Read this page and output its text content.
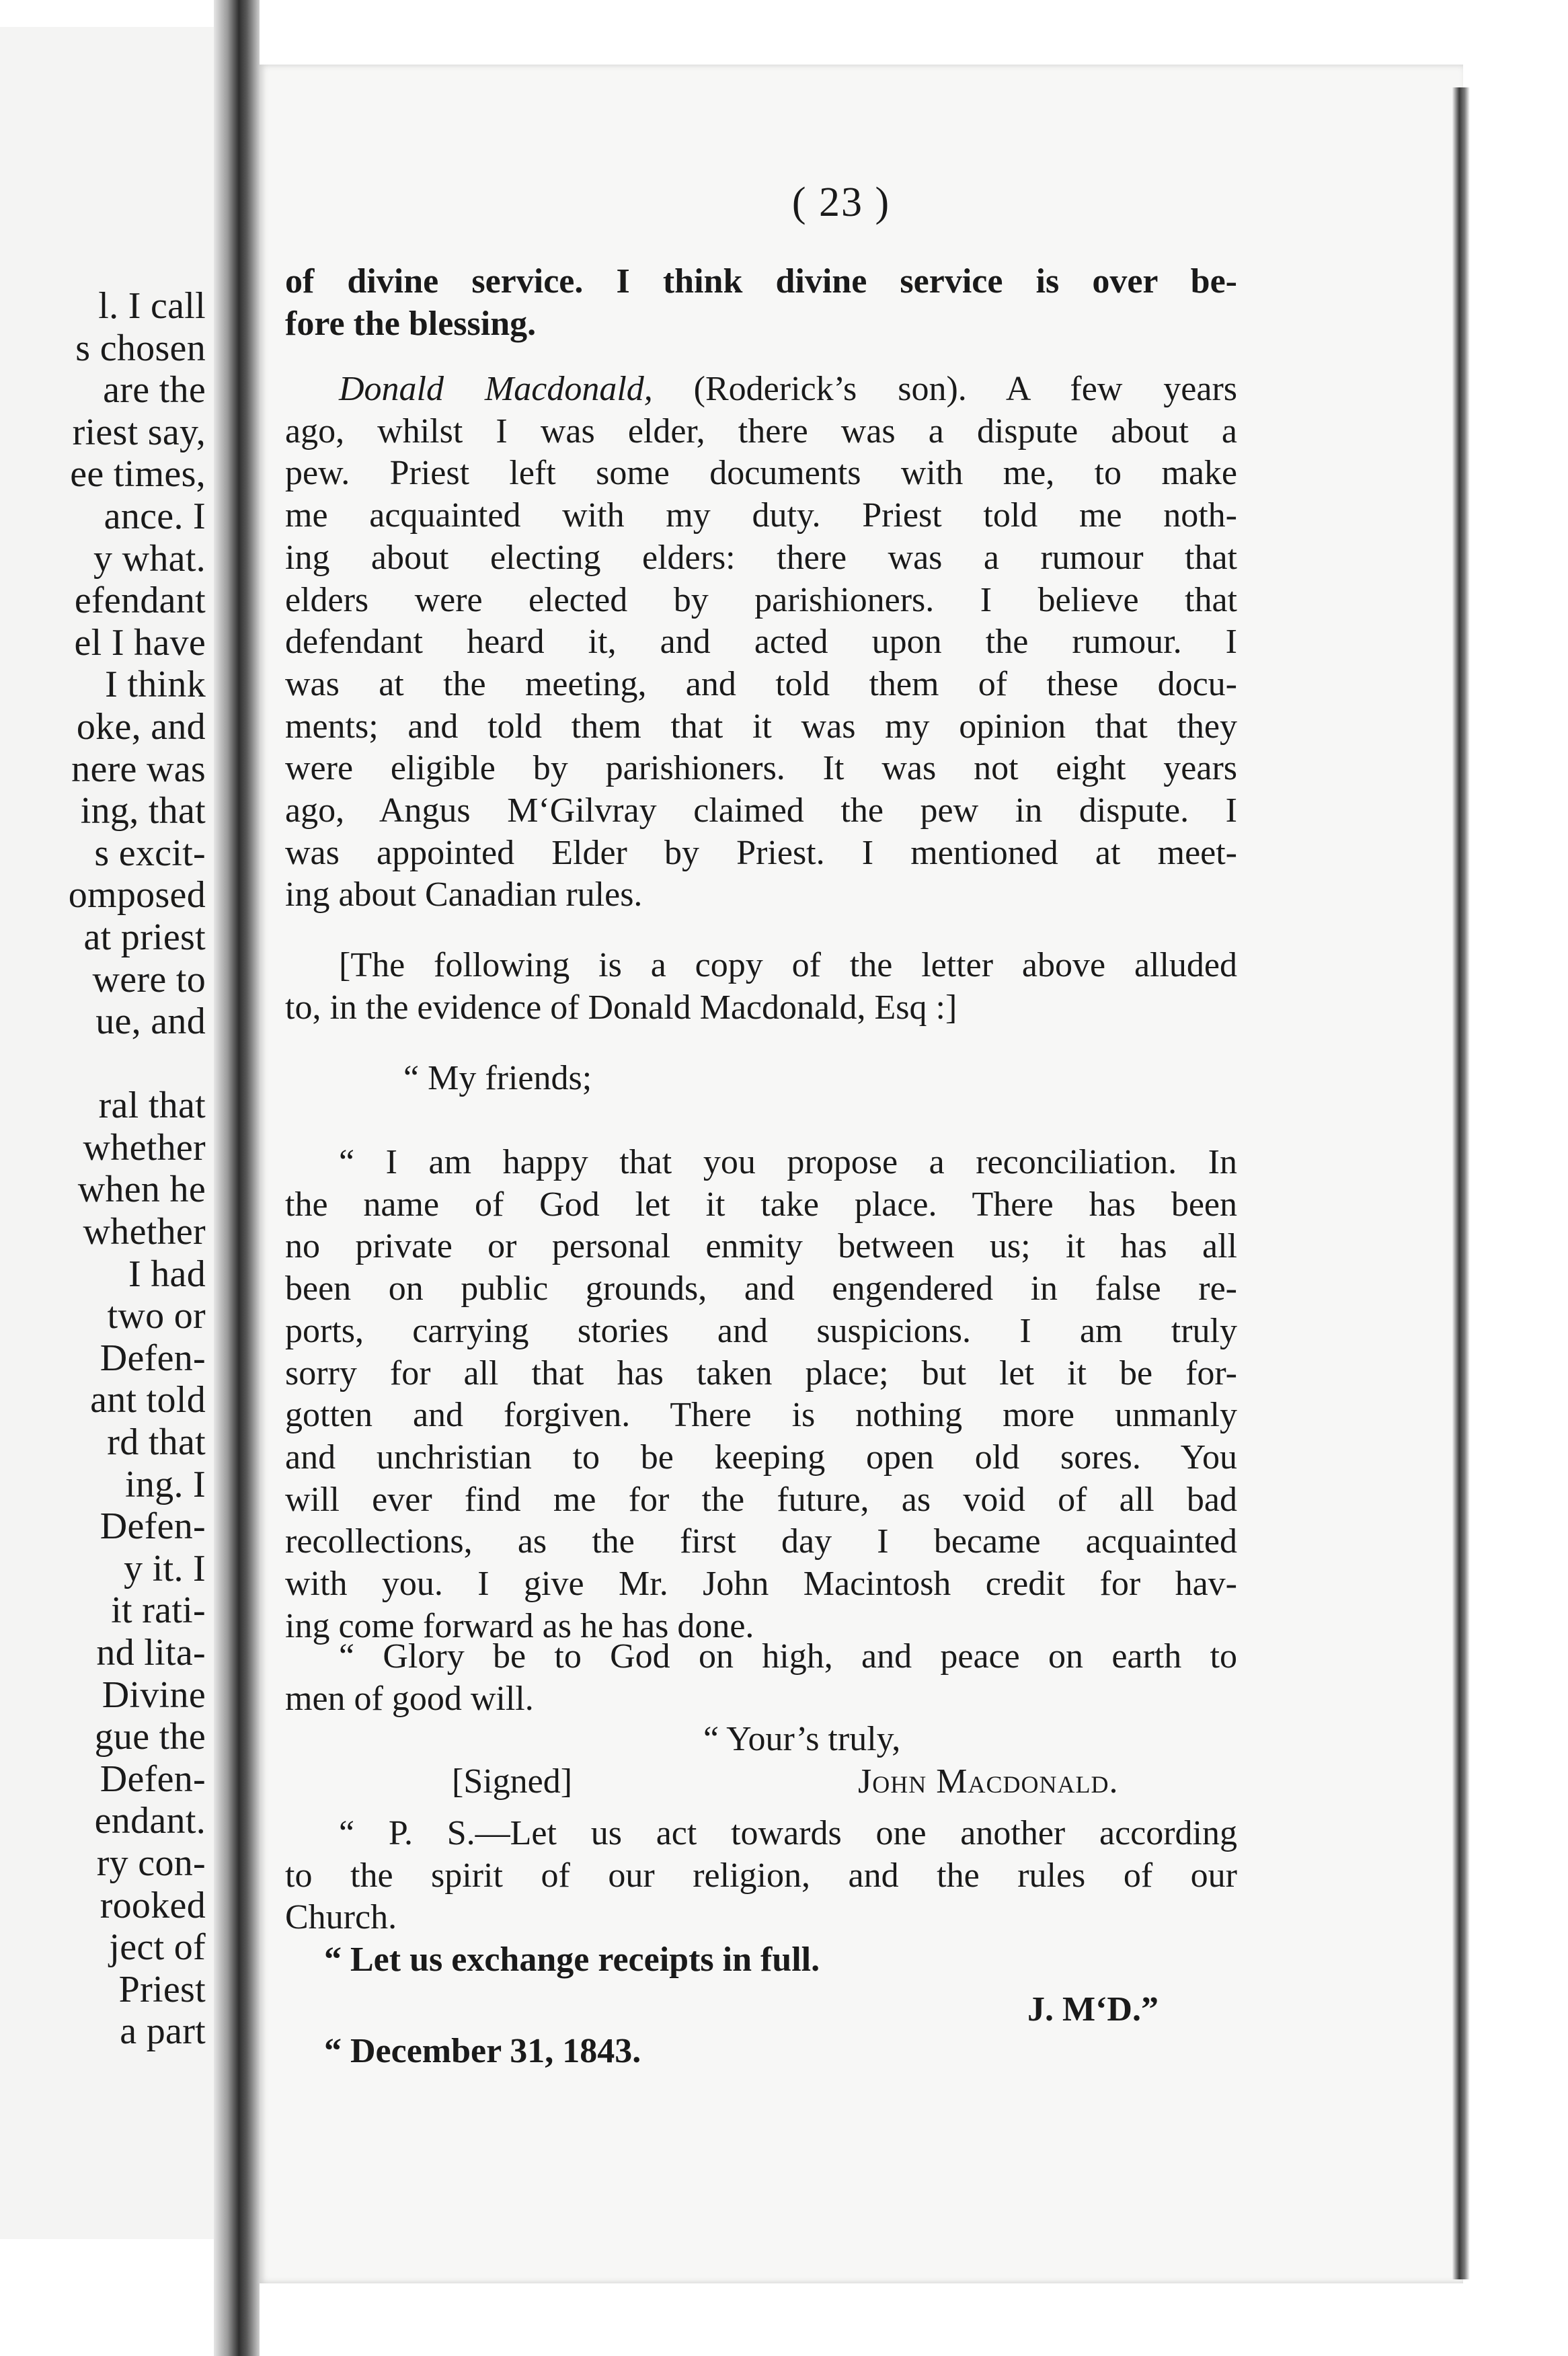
l. I call
s chosen
are the
riest say,
ee times,
ance. I
y what.
efendant
el I have
I think
oke, and
nere was
ing, that
s excit-
omposed
at priest
were to
ue, and

ral that
whether
when he
whether
I had
two or
Defen-
ant told
rd that
ing. I
Defen-
y it. I
it rati-
nd lita-
Divine
gue the
Defen-
endant.
ry con-
rooked
ject of
Priest
a part
( 23 )
of divine service. I think divine service is over be-
fore the blessing.
Donald Macdonald, (Roderick’s son). A few years
ago, whilst I was elder, there was a dispute about a
pew. Priest left some documents with me, to make
me acquainted with my duty. Priest told me noth-
ing about electing elders: there was a rumour that
elders were elected by parishioners. I believe that
defendant heard it, and acted upon the rumour. I
was at the meeting, and told them of these docu-
ments; and told them that it was my opinion that they
were eligible by parishioners. It was not eight years
ago, Angus M‘Gilvray claimed the pew in dispute. I
was appointed Elder by Priest. I mentioned at meet-
ing about Canadian rules.
[The following is a copy of the letter above alluded
to, in the evidence of Donald Macdonald, Esq :]
“ My friends;
“ I am happy that you propose a reconciliation. In
the name of God let it take place. There has been
no private or personal enmity between us; it has all
been on public grounds, and engendered in false re-
ports, carrying stories and suspicions. I am truly
sorry for all that has taken place; but let it be for-
gotten and forgiven. There is nothing more unmanly
and unchristian to be keeping open old sores. You
will ever find me for the future, as void of all bad
recollections, as the first day I became acquainted
with you. I give Mr. John Macintosh credit for hav-
ing come forward as he has done.
“ Glory be to God on high, and peace on earth to
men of good will.
“ Your’s truly,
[Signed]	John Macdonald.
“ P. S.—Let us act towards one another according
to the spirit of our religion, and the rules of our
Church.
“ Let us exchange receipts in full.
J. M‘D.”
“ December 31, 1843.
